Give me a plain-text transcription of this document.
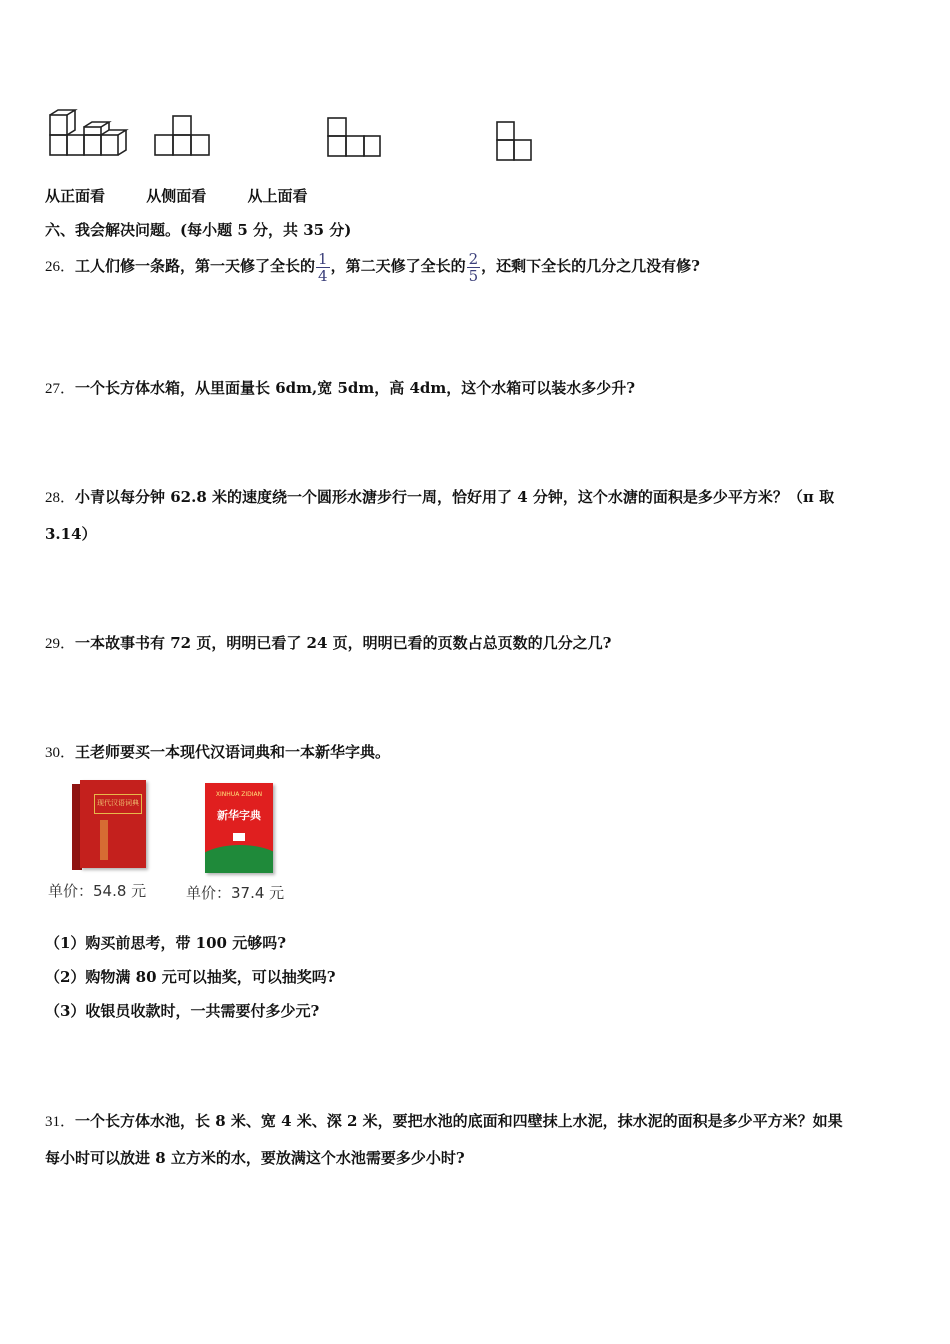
从正面看	从侧面看	从上面看
六、我会解决问题。(每小题 5 分，共 35 分)
26．工人们修一条路，第一天修了全长的 $\frac{1}{4}$ ，第二天修了全长的 $\frac{2}{5}$ ，还剩下全长的几分之几没有修?
27．一个长方体水箱，从里面量长 6dm,宽 5dm，高 4dm，这个水箱可以装水多少升?
28．小青以每分钟 62.8 米的速度绕一个圆形水溏步行一周，恰好用了 4 分钟，这个水溏的面积是多少平方米？（π 取
3.14）
29．一本故事书有 72 页，明明已看了 24 页，明明已看的页数占总页数的几分之几?
30．王老师要买一本现代汉语词典和一本新华字典。
现代汉语词典
单价：54.8 元
XINHUA ZIDIAN
新华字典
单价：37.4 元
（1）购买前思考，带 100 元够吗?
（2）购物满 80 元可以抽奖，可以抽奖吗?
（3）收银员收款时，一共需要付多少元?
31．一个长方体水池，长 8 米、宽 4 米、深 2 米，要把水池的底面和四壁抹上水泥，抹水泥的面积是多少平方米？如果
每小时可以放进 8 立方米的水，要放满这个水池需要多少小时?
